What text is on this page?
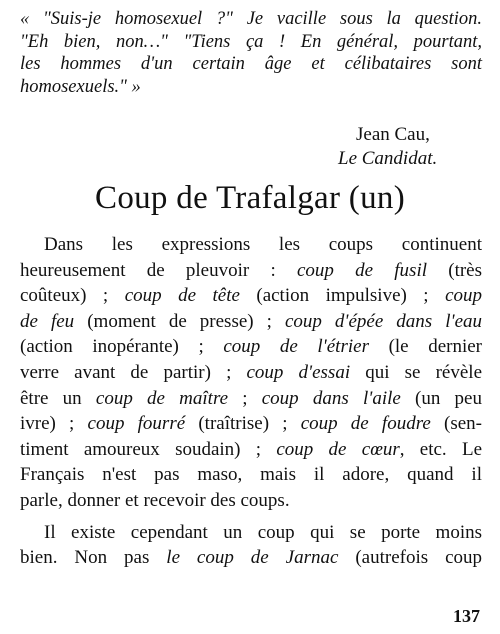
« "Suis-je homosexuel ?" Je vacille sous la question.
"Eh bien, non…" "Tiens ça ! En général, pourtant,
les hommes d'un certain âge et célibataires sont
homosexuels." »
Jean Cau,
Le Candidat.
Coup de Trafalgar (un)
Dans les expressions les coups continuent
heureusement de pleuvoir : coup de fusil (très
coûteux) ; coup de tête (action impulsive) ; coup
de feu (moment de presse) ; coup d'épée dans l'eau
(action inopérante) ; coup de l'étrier (le dernier
verre avant de partir) ; coup d'essai qui se révèle
être un coup de maître ; coup dans l'aile (un peu
ivre) ; coup fourré (traîtrise) ; coup de foudre (sen-
timent amoureux soudain) ; coup de cœur, etc. Le
Français n'est pas maso, mais il adore, quand il
parle, donner et recevoir des coups.
Il existe cependant un coup qui se porte moins
bien. Non pas le coup de Jarnac (autrefois coup
137
